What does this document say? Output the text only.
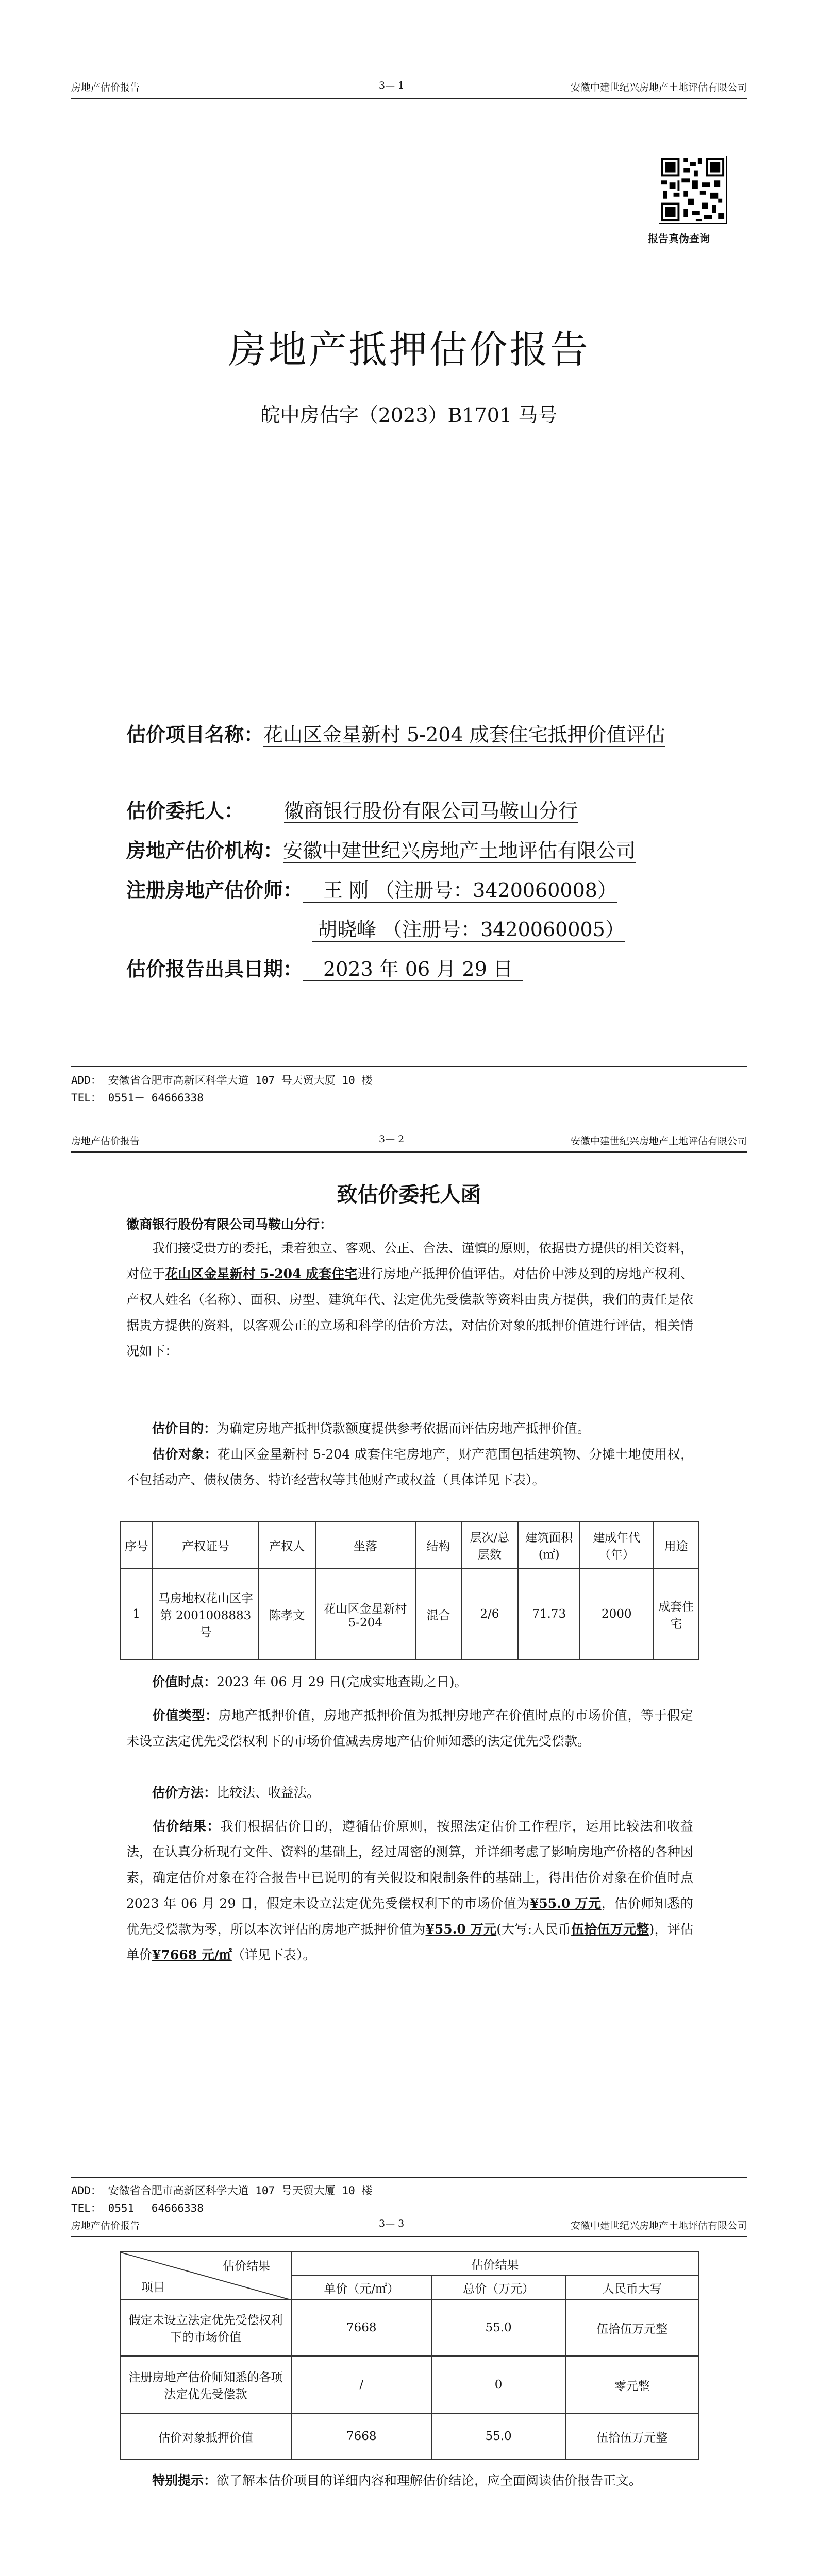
房地产估价报告	3— 1	安徽中建世纪兴房地产土地评估有限公司
报告真伪查询
房地产抵押估价报告
皖中房估字（2023）B1701 马号
估价项目名称：花山区金星新村 5-204 成套住宅抵押价值评估
估价委托人： 徽商银行股份有限公司马鞍山分行
房地产估价机构：安徽中建世纪兴房地产土地评估有限公司
注册房地产估价师： 王 刚 （注册号：3420060008）
胡晓峰 （注册号：3420060005）
估价报告出具日期： 2023 年 06 月 29 日
ADD： 安徽省合肥市高新区科学大道 107 号天贸大厦 10 楼
TEL： 0551－ 64666338
房地产估价报告	3— 2	安徽中建世纪兴房地产土地评估有限公司
致估价委托人函
徽商银行股份有限公司马鞍山分行：
我们接受贵方的委托，秉着独立、客观、公正、合法、谨慎的原则，依据贵方提供的相关资料，对位于花山区金星新村 5-204 成套住宅进行房地产抵押价值评估。对估价中涉及到的房地产权利、产权人姓名（名称）、面积、房型、建筑年代、法定优先受偿款等资料由贵方提供，我们的责任是依据贵方提供的资料，以客观公正的立场和科学的估价方法，对估价对象的抵押价值进行评估，相关情况如下：
估价目的：为确定房地产抵押贷款额度提供参考依据而评估房地产抵押价值。
估价对象：花山区金星新村 5-204 成套住宅房地产，财产范围包括建筑物、分摊土地使用权，不包括动产、债权债务、特许经营权等其他财产或权益（具体详见下表）。
序号	产权证号	产权人	坐落	结构	层次/总层数	建筑面积(㎡)	建成年代（年）	用途
1	马房地权花山区字第 2001008883 号	陈孝文	花山区金星新村 5-204	混合	2/6	71.73	2000	成套住宅
价值时点：2023 年 06 月 29 日(完成实地查勘之日)。
价值类型：房地产抵押价值，房地产抵押价值为抵押房地产在价值时点的市场价值，等于假定未设立法定优先受偿权利下的市场价值减去房地产估价师知悉的法定优先受偿款。
估价方法：比较法、收益法。
估价结果：我们根据估价目的，遵循估价原则，按照法定估价工作程序，运用比较法和收益法，在认真分析现有文件、资料的基础上，经过周密的测算，并详细考虑了影响房地产价格的各种因素，确定估价对象在符合报告中已说明的有关假设和限制条件的基础上，得出估价对象在价值时点 2023 年 06 月 29 日，假定未设立法定优先受偿权利下的市场价值为¥55.0 万元，估价师知悉的优先受偿款为零，所以本次评估的房地产抵押价值为¥55.0 万元(大写:人民币伍拾伍万元整)，评估单价¥7668 元/㎡（详见下表）。
ADD： 安徽省合肥市高新区科学大道 107 号天贸大厦 10 楼
TEL： 0551－ 64666338
房地产估价报告	3— 3	安徽中建世纪兴房地产土地评估有限公司
估价结果
项目	估价结果		
	单价（元/㎡）	总价（万元）	人民币大写
假定未设立法定优先受偿权利下的市场价值	7668	55.0	伍拾伍万元整
注册房地产估价师知悉的各项法定优先受偿款	/	0	零元整
估价对象抵押价值	7668	55.0	伍拾伍万元整
特别提示：欲了解本估价项目的详细内容和理解估价结论，应全面阅读估价报告正文。
